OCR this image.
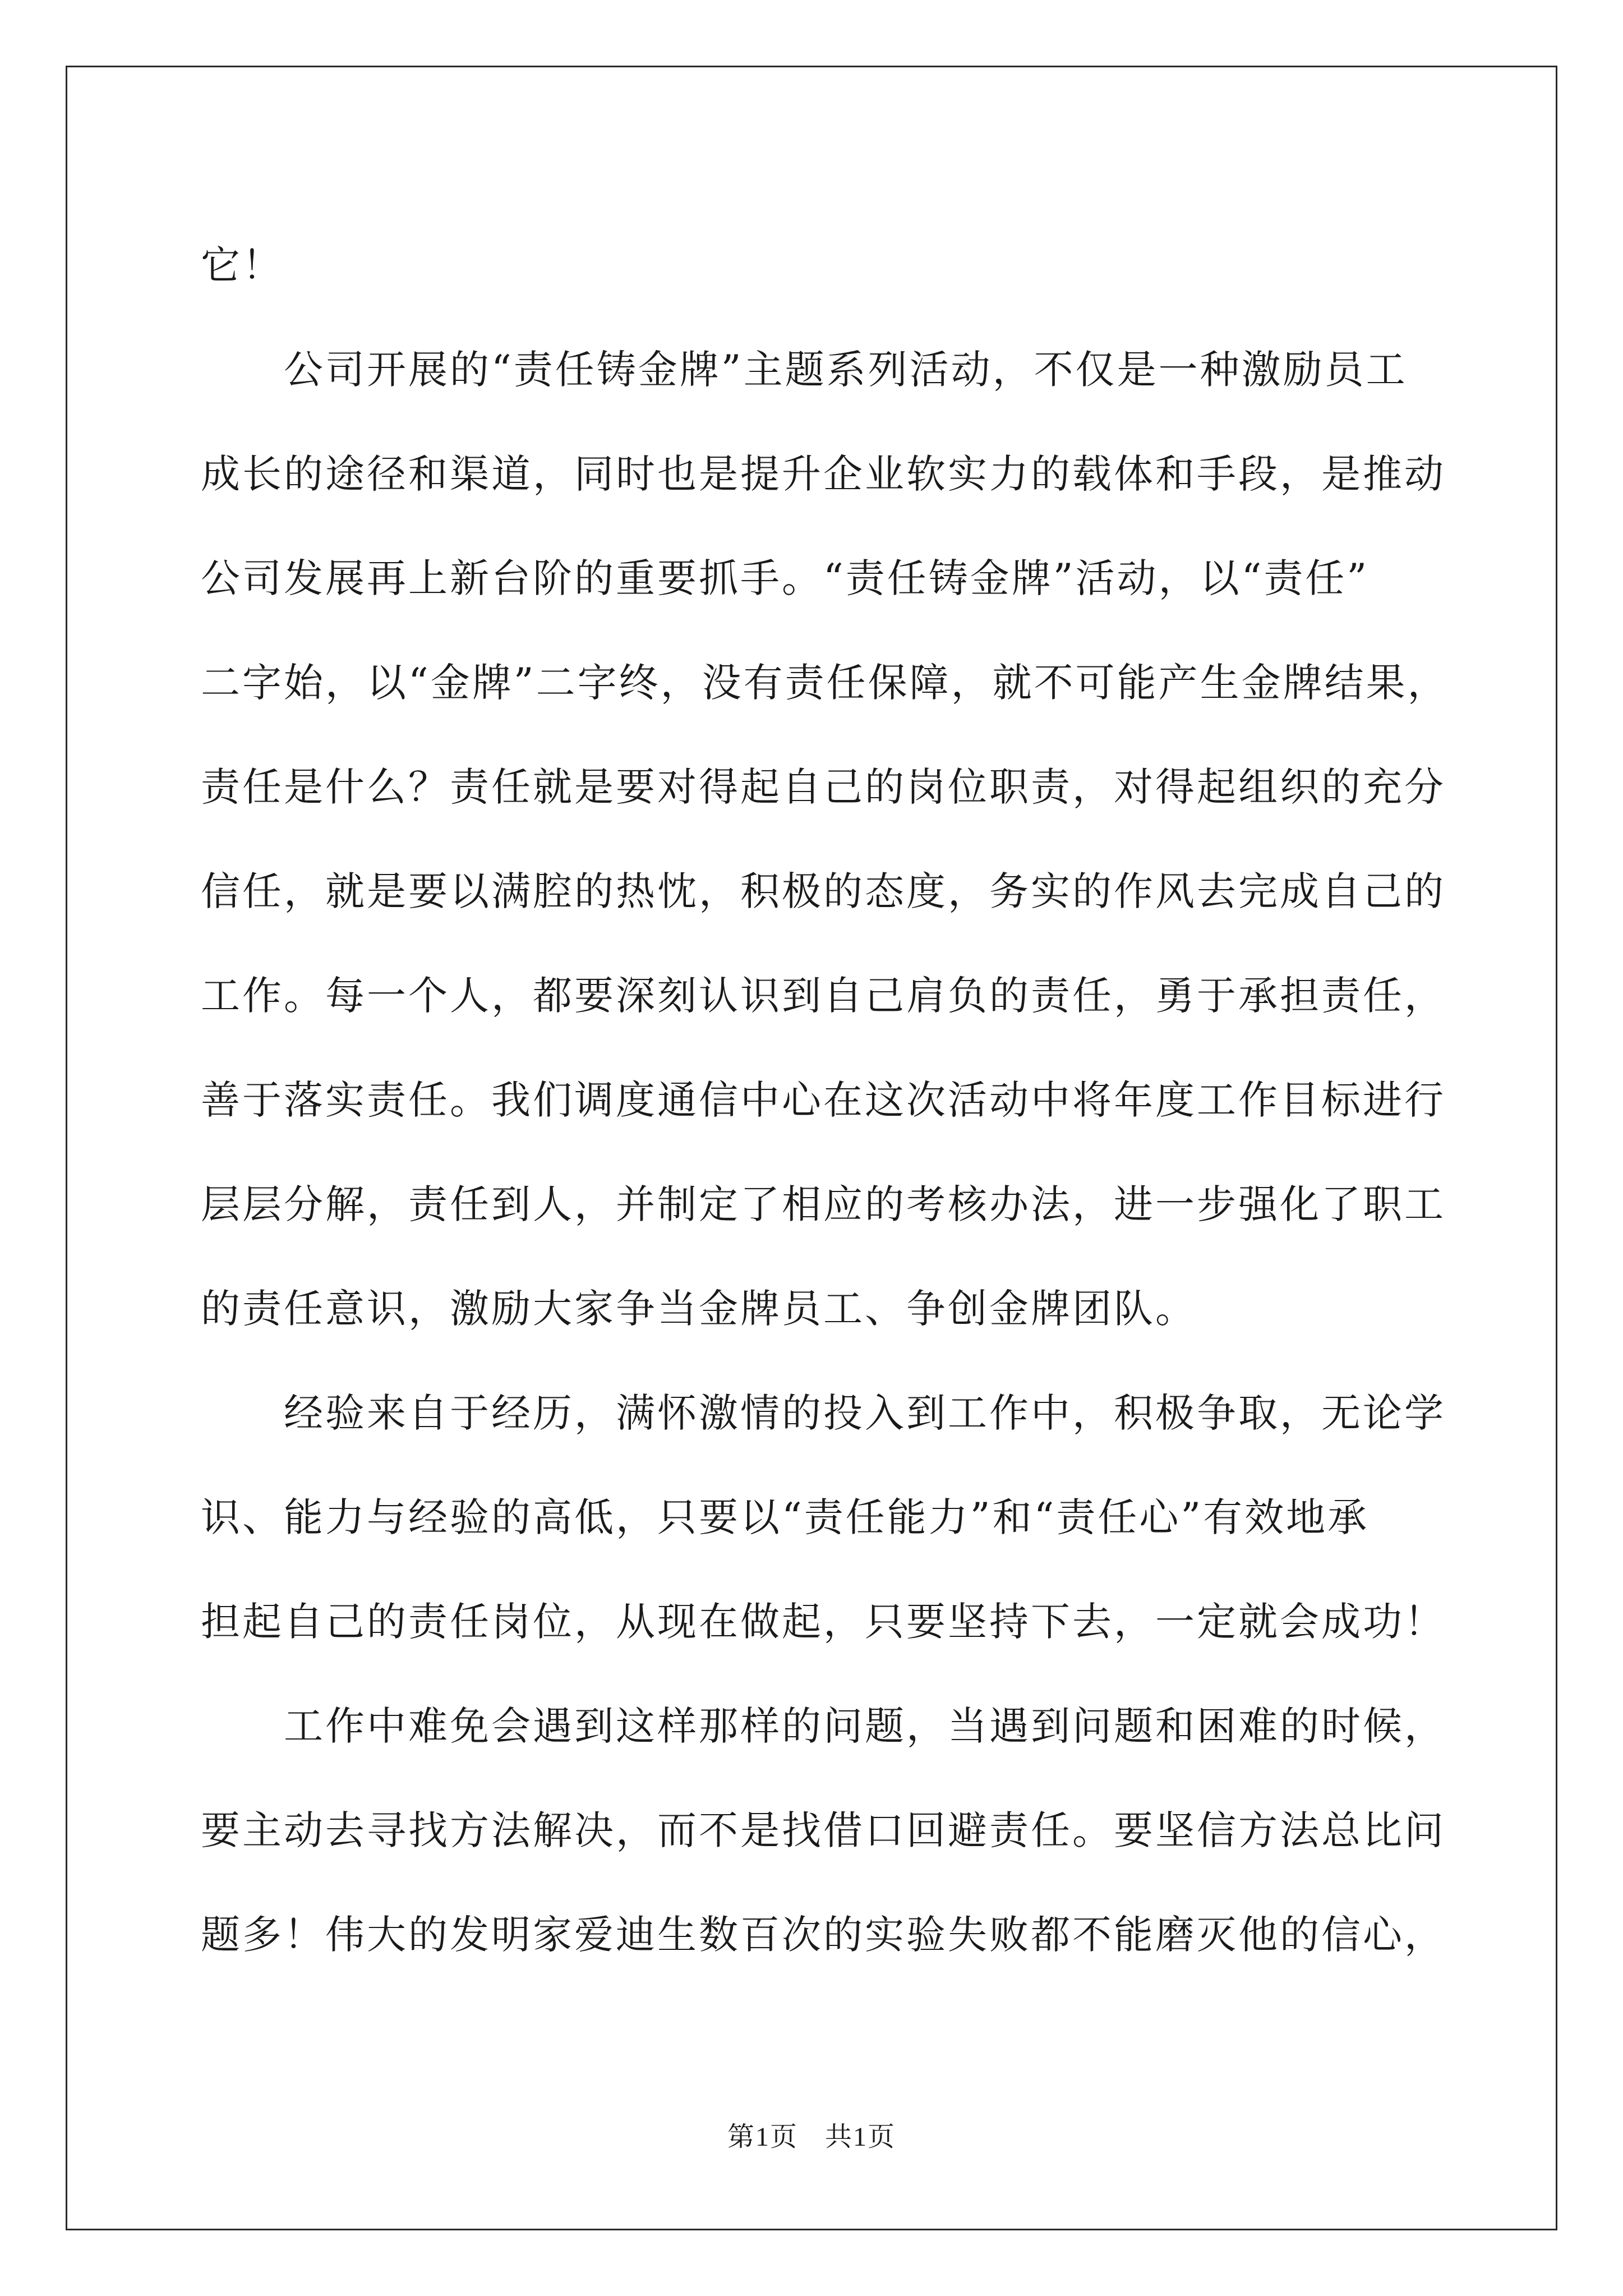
它！
公司开展的“责任铸金牌”主题系列活动，不仅是一种激励员工
成长的途径和渠道，同时也是提升企业软实力的载体和手段，是推动
公司发展再上新台阶的重要抓手。“责任铸金牌”活动，以“责任”
二字始，以“金牌”二字终，没有责任保障，就不可能产生金牌结果，
责任是什么？责任就是要对得起自己的岗位职责，对得起组织的充分
信任，就是要以满腔的热忱，积极的态度，务实的作风去完成自己的
工作。每一个人，都要深刻认识到自己肩负的责任，勇于承担责任，
善于落实责任。我们调度通信中心在这次活动中将年度工作目标进行
层层分解，责任到人，并制定了相应的考核办法，进一步强化了职工
的责任意识，激励大家争当金牌员工、争创金牌团队。
经验来自于经历，满怀激情的投入到工作中，积极争取，无论学
识、能力与经验的高低，只要以“责任能力”和“责任心”有效地承
担起自己的责任岗位，从现在做起，只要坚持下去，一定就会成功！
工作中难免会遇到这样那样的问题，当遇到问题和困难的时候，
要主动去寻找方法解决，而不是找借口回避责任。要坚信方法总比问
题多！伟大的发明家爱迪生数百次的实验失败都不能磨灭他的信心，
第1页 共1页
